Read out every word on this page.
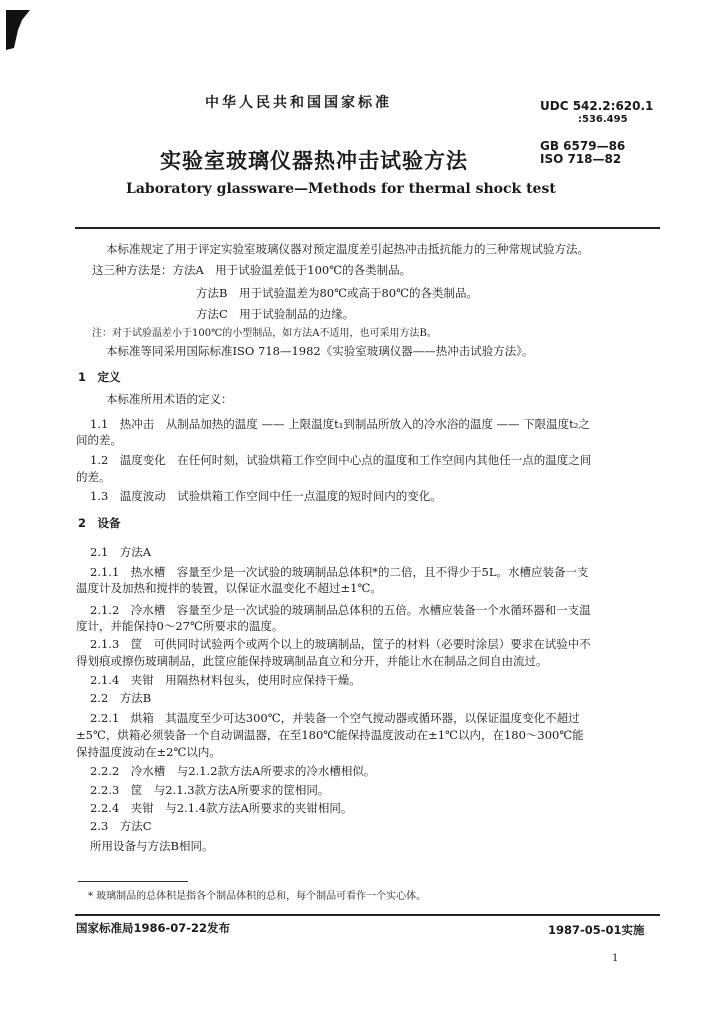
中华人民共和国国家标准	UDC 542.2:620.1
:536.495
GB 6579—86
ISO 718—82
实验室玻璃仪器热冲击试验方法
Laboratory glassware—Methods for thermal shock test
本标准规定了用于评定实验室玻璃仪器对预定温度差引起热冲击抵抗能力的三种常规试验方法。
这三种方法是：方法A　用于试验温差低于100℃的各类制品。
方法B　用于试验温差为80℃或高于80℃的各类制品。
方法C　用于试验制品的边缘。
注：对于试验温差小于100℃的小型制品，如方法A不适用，也可采用方法B。
本标准等同采用国际标准ISO 718—1982《实验室玻璃仪器——热冲击试验方法》。
1　定义
本标准所用术语的定义：
1.1　热冲击　从制品加热的温度 —— 上限温度t₁到制品所放入的冷水浴的温度 —— 下限温度t₂之
间的差。
1.2　温度变化　在任何时刻，试验烘箱工作空间中心点的温度和工作空间内其他任一点的温度之间
的差。
1.3　温度波动　试验烘箱工作空间中任一点温度的短时间内的变化。
2　设备
2.1　方法A
2.1.1　热水槽　容量至少是一次试验的玻璃制品总体积*的二倍，且不得少于5L。水槽应装备一支
温度计及加热和搅拌的装置，以保证水温变化不超过±1℃。
2.1.2　冷水槽　容量至少是一次试验的玻璃制品总体积的五倍。水槽应装备一个水循环器和一支温
度计，并能保持0～27℃所要求的温度。
2.1.3　筐　可供同时试验两个或两个以上的玻璃制品，筐子的材料（必要时涂层）要求在试验中不
得划痕或擦伤玻璃制品，此筐应能保持玻璃制品直立和分开，并能让水在制品之间自由流过。
2.1.4　夹钳　用隔热材料包头，使用时应保持干燥。
2.2　方法B
2.2.1　烘箱　其温度至少可达300℃，并装备一个空气搅动器或循环器，以保证温度变化不超过
±5℃，烘箱必须装备一个自动调温器，在至180℃能保持温度波动在±1℃以内，在180～300℃能
保持温度波动在±2℃以内。
2.2.2　冷水槽　与2.1.2款方法A所要求的冷水槽相似。
2.2.3　筐　与2.1.3款方法A所要求的筐相同。
2.2.4　夹钳　与2.1.4款方法A所要求的夹钳相同。
2.3　方法C
所用设备与方法B相同。
* 玻璃制品的总体积是指各个制品体积的总和，每个制品可看作一个实心体。
国家标准局1986-07-22发布	1987-05-01实施
1
